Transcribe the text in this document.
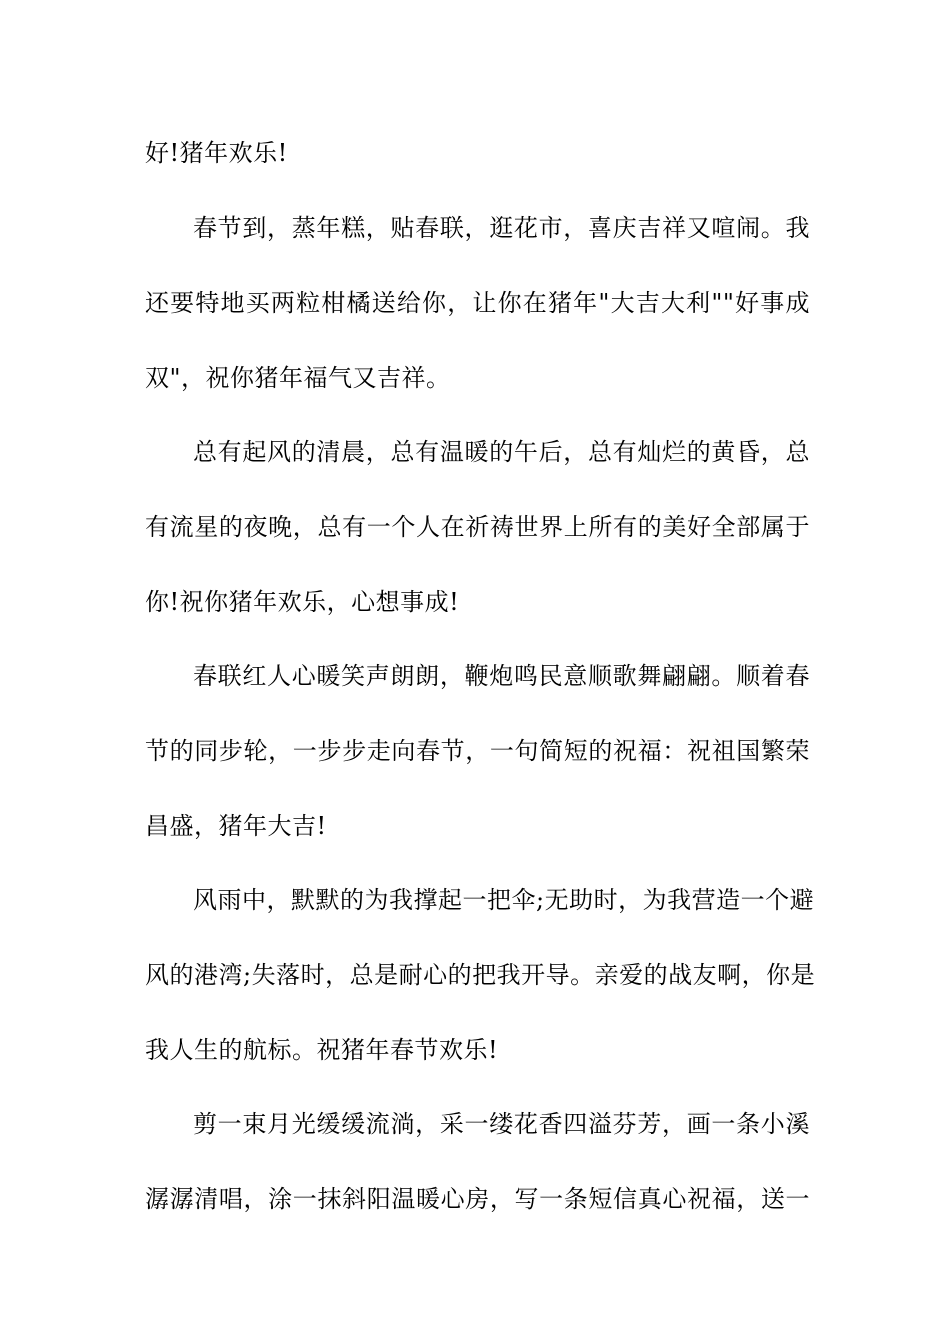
好!猪年欢乐!
春节到，蒸年糕，贴春联，逛花市，喜庆吉祥又喧闹。我
还要特地买两粒柑橘送给你，让你在猪年"大吉大利""好事成
双"，祝你猪年福气又吉祥。
总有起风的清晨，总有温暖的午后，总有灿烂的黄昏，总
有流星的夜晚，总有一个人在祈祷世界上所有的美好全部属于
你!祝你猪年欢乐，心想事成!
春联红人心暖笑声朗朗，鞭炮鸣民意顺歌舞翩翩。顺着春
节的同步轮，一步步走向春节，一句简短的祝福：祝祖国繁荣
昌盛，猪年大吉!
风雨中，默默的为我撑起一把伞;无助时，为我营造一个避
风的港湾;失落时，总是耐心的把我开导。亲爱的战友啊，你是
我人生的航标。祝猪年春节欢乐!
剪一束月光缓缓流淌，采一缕花香四溢芬芳，画一条小溪
潺潺清唱，涂一抹斜阳温暖心房，写一条短信真心祝福，送一
